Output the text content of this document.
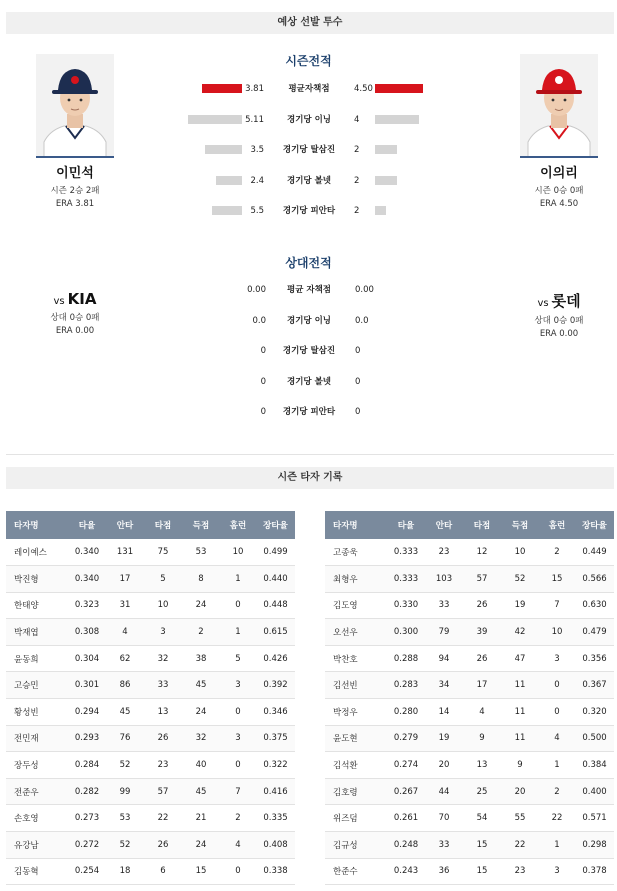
예상 선발 투수
시즌전적
이민석
시즌 2승 2패
ERA 3.81
이의리
시즌 0승 0패
ERA 4.50
3.81	평균자책점	4.50
5.11	경기당 이닝	4
3.5	경기당 탈삼진	2
2.4	경기당 볼넷	2
5.5	경기당 피안타	2
상대전적
vs KIA
상대 0승 0패
ERA 0.00
vs 롯데
상대 0승 0패
ERA 0.00
0.00	평균 자책점	0.00
0.0	경기당 이닝	0.0
0	경기당 탈삼진	0
0	경기당 볼넷	0
0	경기당 피안타	0
시즌 타자 기록
타자명	타율	안타	타점	득점	홈런	장타율
레이예스	0.340	131	75	53	10	0.499
박진형	0.340	17	5	8	1	0.440
한태양	0.323	31	10	24	0	0.448
박재엽	0.308	4	3	2	1	0.615
윤동희	0.304	62	32	38	5	0.426
고승민	0.301	86	33	45	3	0.392
황성빈	0.294	45	13	24	0	0.346
전민재	0.293	76	26	32	3	0.375
장두성	0.284	52	23	40	0	0.322
전준우	0.282	99	57	45	7	0.416
손호영	0.273	53	22	21	2	0.335
유강남	0.272	52	26	24	4	0.408
김동혁	0.254	18	6	15	0	0.338
타자명	타율	안타	타점	득점	홈런	장타율
고종욱	0.333	23	12	10	2	0.449
최형우	0.333	103	57	52	15	0.566
김도영	0.330	33	26	19	7	0.630
오선우	0.300	79	39	42	10	0.479
박찬호	0.288	94	26	47	3	0.356
김선빈	0.283	34	17	11	0	0.367
박정우	0.280	14	4	11	0	0.320
윤도현	0.279	19	9	11	4	0.500
김석환	0.274	20	13	9	1	0.384
김호령	0.267	44	25	20	2	0.400
위즈덤	0.261	70	54	55	22	0.571
김규성	0.248	33	15	22	1	0.298
한준수	0.243	36	15	23	3	0.378
